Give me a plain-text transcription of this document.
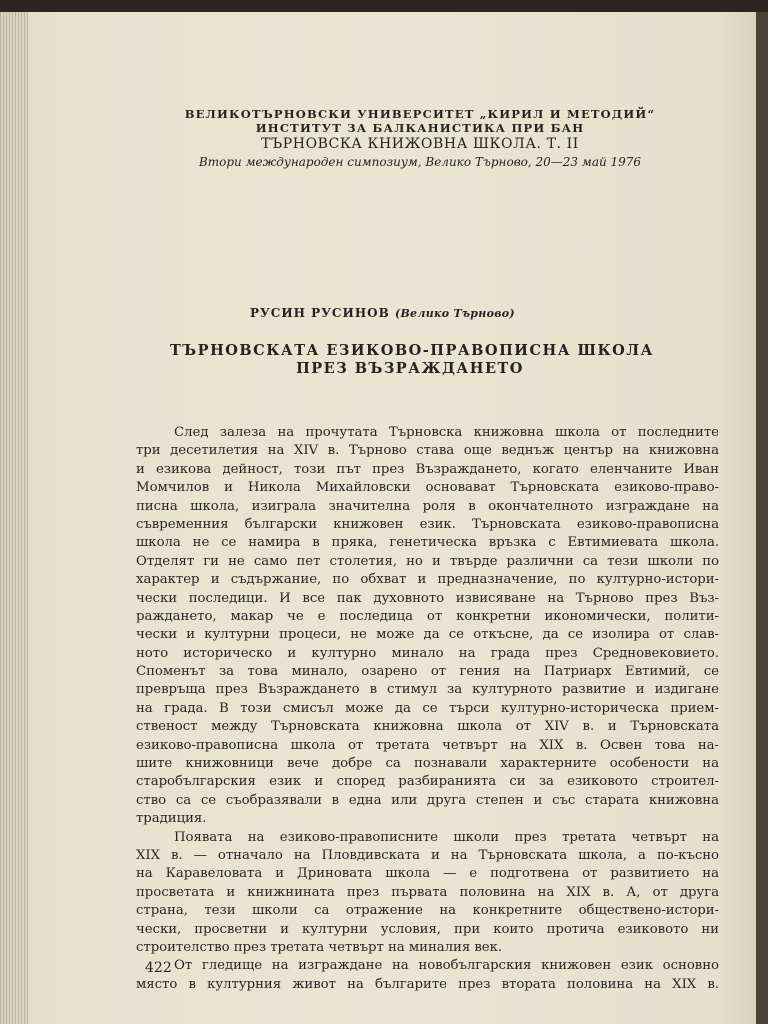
ВЕЛИКОТЪРНОВСКИ УНИВЕРСИТЕТ „КИРИЛ И МЕТОДИЙ“
ИНСТИТУТ ЗА БАЛКАНИСТИКА ПРИ БАН
ТЪРНОВСКА КНИЖОВНА ШКОЛА. Т. II
Втори международен симпозиум, Велико Търново, 20—23 май 1976
РУСИН РУСИНОВ (Велико Търново)
ТЪРНОВСКАТА ЕЗИКОВО-ПРАВОПИСНА ШКОЛА
ПРЕЗ ВЪЗРАЖДАНЕТО
След залеза на прочутата Търновска книжовна школа от последните
три десетилетия на XIV в. Търново става още веднъж център на книжовна
и езикова дейност, този път през Възраждането, когато еленчаните Иван
Момчилов и Никола Михайловски основават Търновската езиково-право-
писна школа, изиграла значителна роля в окончателното изграждане на
съвременния български книжовен език. Търновската езиково-правописна
школа не се намира в пряка, генетическа връзка с Евтимиевата школа.
Отделят ги не само пет столетия, но и твърде различни са тези школи по
характер и съдържание, по обхват и предназначение, по културно-истори-
чески последици. И все пак духовното извисяване на Търново през Въз-
раждането, макар че е последица от конкретни икономически, полити-
чески и културни процеси, не може да се откъсне, да се изолира от слав-
ното историческо и културно минало на града през Средновековието.
Споменът за това минало, озарено от гения на Патриарх Евтимий, се
превръща през Възраждането в стимул за културното развитие и издигане
на града. В този смисъл може да се търси културно-историческа прием-
ственост между Търновската книжовна школа от XIV в. и Търновската
езиково-правописна школа от третата четвърт на XIX в. Освен това на-
шите книжовници вече добре са познавали характерните особености на
старобългарския език и според разбиранията си за езиковото строител-
ство са се съобразявали в една или друга степен и със старата книжовна
традиция.
Появата на езиково-правописните школи през третата четвърт на
XIX в. — отначало на Пловдивската и на Търновската школа, а по-късно
на Каравеловата и Дриновата школа — е подготвена от развитието на
просветата и книжнината през първата половина на XIX в. А, от друга
страна, тези школи са отражение на конкретните обществено-истори-
чески, просветни и културни условия, при които протича езиковото ни
строителство през третата четвърт на миналия век.
От гледище на изграждане на новобългарския книжовен език основно
място в културния живот на българите през втората половина на XIX в.
422
